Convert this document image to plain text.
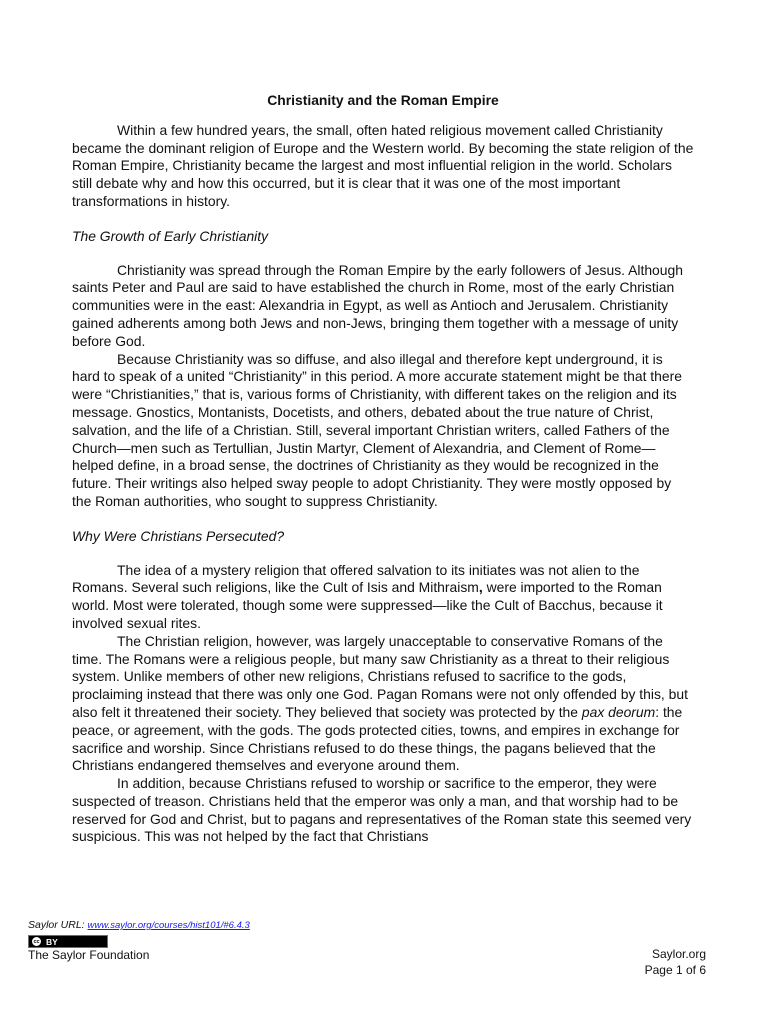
Christianity and the Roman Empire

Within a few hundred years, the small, often hated religious movement called Christianity became the dominant religion of Europe and the Western world. By becoming the state religion of the Roman Empire, Christianity became the largest and most influential religion in the world. Scholars still debate why and how this occurred, but it is clear that it was one of the most important transformations in history.

The Growth of Early Christianity

Christianity was spread through the Roman Empire by the early followers of Jesus. Although saints Peter and Paul are said to have established the church in Rome, most of the early Christian communities were in the east: Alexandria in Egypt, as well as Antioch and Jerusalem. Christianity gained adherents among both Jews and non-Jews, bringing them together with a message of unity before God.

Because Christianity was so diffuse, and also illegal and therefore kept underground, it is hard to speak of a united “Christianity” in this period. A more accurate statement might be that there were “Christianities,” that is, various forms of Christianity, with different takes on the religion and its message. Gnostics, Montanists, Docetists, and others, debated about the true nature of Christ, salvation, and the life of a Christian. Still, several important Christian writers, called Fathers of the Church—men such as Tertullian, Justin Martyr, Clement of Alexandria, and Clement of Rome—helped define, in a broad sense, the doctrines of Christianity as they would be recognized in the future. Their writings also helped sway people to adopt Christianity. They were mostly opposed by the Roman authorities, who sought to suppress Christianity.

Why Were Christians Persecuted?

The idea of a mystery religion that offered salvation to its initiates was not alien to the Romans. Several such religions, like the Cult of Isis and Mithraism, were imported to the Roman world. Most were tolerated, though some were suppressed—like the Cult of Bacchus, because it involved sexual rites.

The Christian religion, however, was largely unacceptable to conservative Romans of the time. The Romans were a religious people, but many saw Christianity as a threat to their religious system. Unlike members of other new religions, Christians refused to sacrifice to the gods, proclaiming instead that there was only one God. Pagan Romans were not only offended by this, but also felt it threatened their society. They believed that society was protected by the pax deorum: the peace, or agreement, with the gods. The gods protected cities, towns, and empires in exchange for sacrifice and worship. Since Christians refused to do these things, the pagans believed that the Christians endangered themselves and everyone around them.

In addition, because Christians refused to worship or sacrifice to the emperor, they were suspected of treason. Christians held that the emperor was only a man, and that worship had to be reserved for God and Christ, but to pagans and representatives of the Roman state this seemed very suspicious. This was not helped by the fact that Christians

Saylor URL: www.saylor.org/courses/hist101/#6.4.3
cc BY
The Saylor Foundation	Saylor.org
Page 1 of 6
